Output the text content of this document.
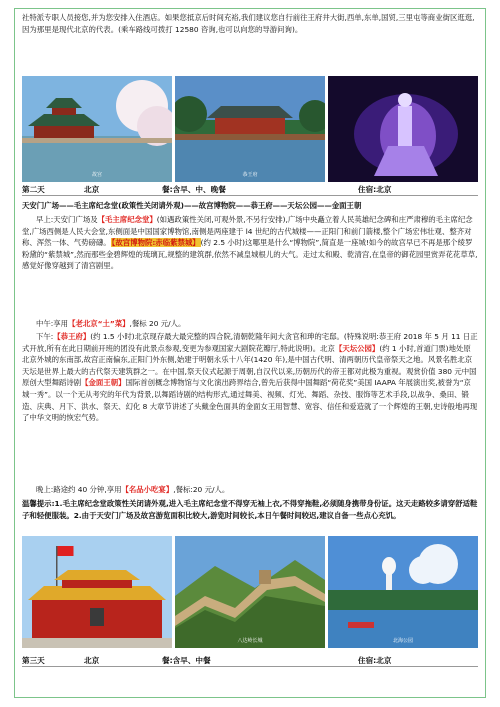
社特派专职人员接您,并为您安排入住酒店。如果您抵京后时间充裕,我们建议您自行前往王府井大街,西单,东单,国贸,三里屯等商业街区逛逛,因为那里是现代北京的代表。(乘车路线可拨打 12580 咨询,也可以向您的导游问询)。
故宫	恭王府
第二天	北京	餐:含早、中、晚餐	住宿:北京
天安门广场——毛主席纪念堂(政策性关闭请外观)——故宫博物院——恭王府——天坛公园——金面王朝
早上:天安门广场及【毛主席纪念堂】(如遇政策性关闭,可观外景,不另行安排),广场中央矗立着人民英雄纪念碑和庄严肃穆的毛主席纪念堂,广场西侧是人民大会堂,东侧面是中国国家博物馆,南侧是两座建于 l4 世纪的古代城楼——正阳门和前门箭楼,整个广场宏伟壮观、整齐对称、浑然一体、气势磅礴。【故宫博物院:赤临紫禁城】(约 2.5 小时)这哪里是什么“博物院”,简直是一座城!如今的故宫早已不再是那个绫罗粉黛的“紫禁城”,然而那些金碧辉煌的琉璃瓦,规整的建筑群,依然不减皇城根儿的大气。走过太和殿、乾清宫,在皇帝的御花园里赏弄花花草草,感觉好像穿越到了清宫剧里。
中午:享用【老北京“土”菜】,餐标 20 元/人。
下午:【恭王府】(约 1.5 小时)北京现存最大最完整的四合院,清朝乾隆年间大贪官和珅的宅邸。(特殊说明:恭王府 2018 年 5 月 11 日正式开放,所有在此日期前开班的团没有此景点参观,变更为参观国家大剧院花瓣厅,特此说明)。北京【天坛公园】(约 1 小时,首道门票)地处原北京外城的东南部,故宫正南偏东,正阳门外东侧,始建于明朝永乐十八年(1420 年),是中国古代明、清两朝历代皇帝祭天之地。风景名胜北京天坛是世界上最大的古代祭天建筑群之一。在中国,祭天仪式起源于周朝,自汉代以来,历朝历代的帝王都对此极为重视。观赏价值 380 元中国原创大型舞蹈诗剧【金面王朝】国际首创概念博物馆与文化演出跨界结合,曾先后获得中国舞蹈“荷花奖”美国 IAAPA 年展演出奖,被誉为“京城一秀”。以一个无从考究的年代为背景,以舞蹈诗剧的结构形式,通过舞美、视频、灯光、舞蹈、杂技、服饰等艺术手段,以战争、桑田、锻造、庆典、月下、洪水、祭天、幻化 8 大章节讲述了头戴金色面具的金面女王用智慧、宽容、信任和爱造就了一个辉煌的王朝,史诗般地再现了中华文明的恢宏气势。
晚上:路途约 40 分钟,享用【名品小吃宴】,餐标:20 元/人。
温馨提示:1.毛主席纪念堂政策性关闭请外观,进入毛主席纪念堂不得穿无袖上衣,不得穿拖鞋,必须随身携带身份证。这天走路较多请穿舒适鞋子和轻便服装。2.由于天安门广场及故宫游览面积比较大,游览时间较长,本日午餐时间较迟,建议自备一些点心充饥。
八达岭长城	北海公园
第三天	北京	餐:含早、中餐	住宿:北京
